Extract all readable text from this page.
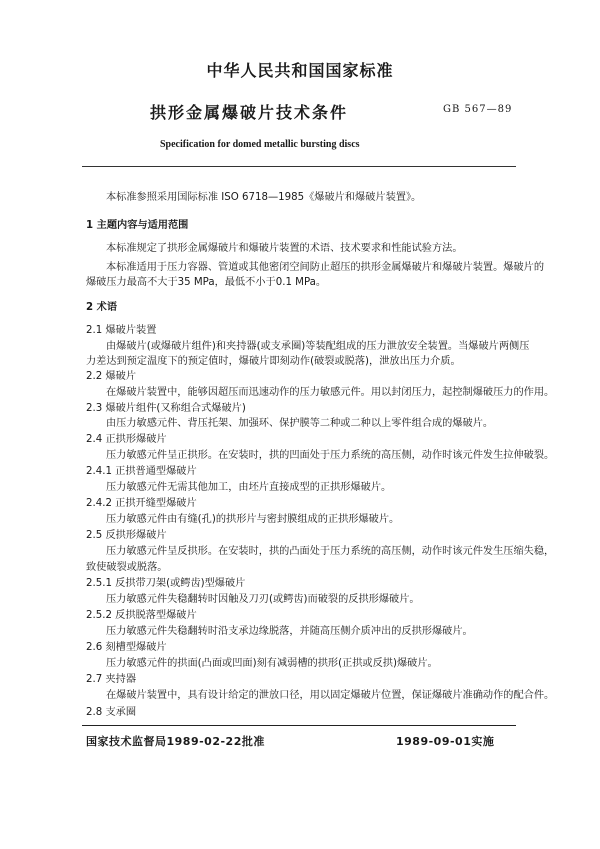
中华人民共和国国家标准
拱形金属爆破片技术条件	GB 567—89
Specification for domed metallic bursting discs
本标准参照采用国际标准 ISO 6718—1985《爆破片和爆破片装置》。
1 主题内容与适用范围
本标准规定了拱形金属爆破片和爆破片装置的术语、技术要求和性能试验方法。
本标准适用于压力容器、管道或其他密闭空间防止超压的拱形金属爆破片和爆破片装置。爆破片的
爆破压力最高不大于35 MPa，最低不小于0.1 MPa。
2 术语
2.1 爆破片装置
由爆破片(或爆破片组件)和夹持器(或支承圈)等装配组成的压力泄放安全装置。当爆破片两侧压
力差达到预定温度下的预定值时，爆破片即刻动作(破裂或脱落)，泄放出压力介质。
2.2 爆破片
在爆破片装置中，能够因超压而迅速动作的压力敏感元件。用以封闭压力，起控制爆破压力的作用。
2.3 爆破片组件(又称组合式爆破片)
由压力敏感元件、背压托架、加强环、保护膜等二种或二种以上零件组合成的爆破片。
2.4 正拱形爆破片
压力敏感元件呈正拱形。在安装时，拱的凹面处于压力系统的高压侧，动作时该元件发生拉伸破裂。
2.4.1 正拱普通型爆破片
压力敏感元件无需其他加工，由坯片直接成型的正拱形爆破片。
2.4.2 正拱开缝型爆破片
压力敏感元件由有缝(孔)的拱形片与密封膜组成的正拱形爆破片。
2.5 反拱形爆破片
压力敏感元件呈反拱形。在安装时，拱的凸面处于压力系统的高压侧，动作时该元件发生压缩失稳，
致使破裂或脱落。
2.5.1 反拱带刀架(或鳄齿)型爆破片
压力敏感元件失稳翻转时因触及刀刃(或鳄齿)而破裂的反拱形爆破片。
2.5.2 反拱脱落型爆破片
压力敏感元件失稳翻转时沿支承边缘脱落，并随高压侧介质冲出的反拱形爆破片。
2.6 刻槽型爆破片
压力敏感元件的拱面(凸面或凹面)刻有减弱槽的拱形(正拱或反拱)爆破片。
2.7 夹持器
在爆破片装置中，具有设计给定的泄放口径，用以固定爆破片位置，保证爆破片准确动作的配合件。
2.8 支承圈
国家技术监督局1989-02-22批准	1989-09-01实施
